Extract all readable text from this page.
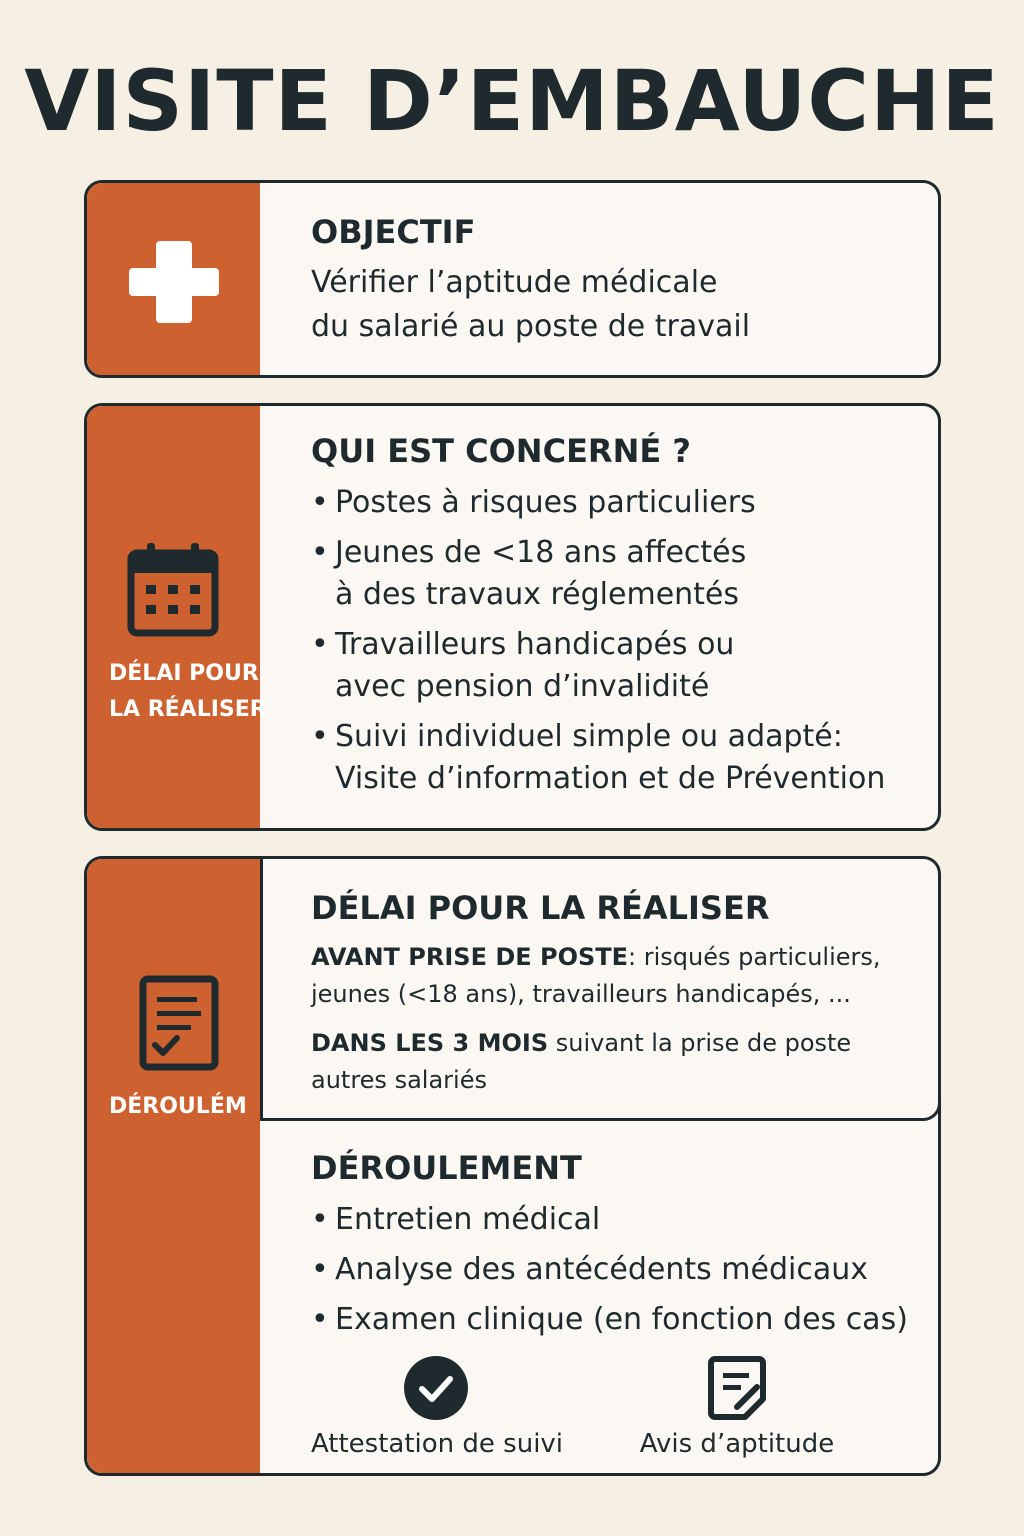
VISITE D’EMBAUCHE
OBJECTIF
Vérifier l’aptitude médicale
du salarié au poste de travail
DÉLAI POUR
LA RÉALISER
QUI EST CONCERNÉ ?
• Postes à risques particuliers
• Jeunes de <18 ans affectés
à des travaux réglementés
• Travailleurs handicapés ou
avec pension d’invalidité
• Suivi individuel simple ou adapté:
Visite d’information et de Prévention
DÉROULÉM
DÉLAI POUR LA RÉALISER
AVANT PRISE DE POSTE: risqués particuliers,
jeunes (<18 ans), travailleurs handicapés, ...
DANS LES 3 MOIS suivant la prise de poste
autres salariés
DÉROULEMENT
• Entretien médical
• Analyse des antécédents médicaux
• Examen clinique (en fonction des cas)
Attestation de suivi	Avis d’aptitude
